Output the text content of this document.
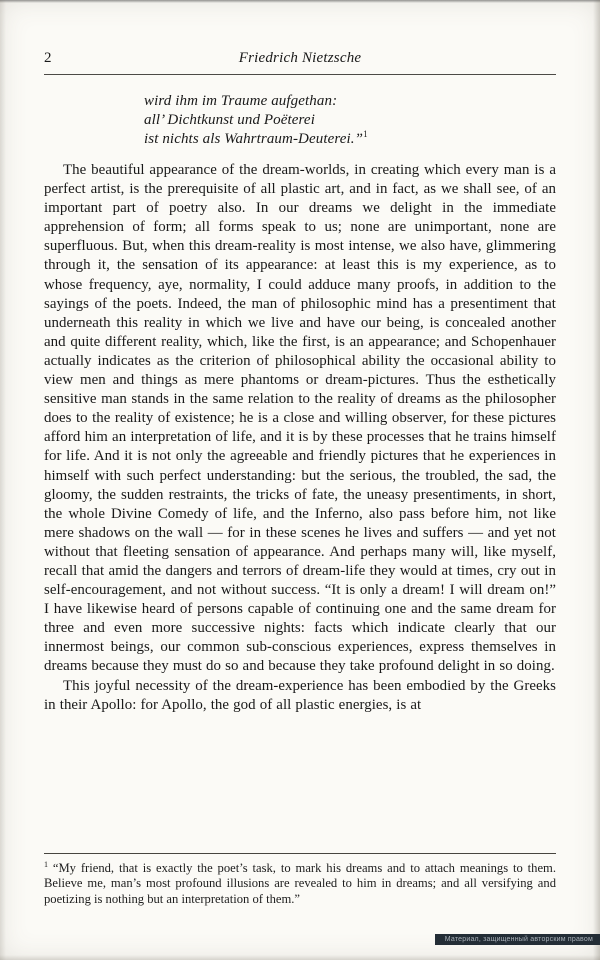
2	Friedrich Nietzsche
wird ihm im Traume aufgethan:
all’ Dichtkunst und Poëterei
ist nichts als Wahrtraum-Deuterei.”$^1$

The beautiful appearance of the dream-worlds, in creating which every man is a perfect artist, is the prerequisite of all plastic art, and in fact, as we shall see, of an important part of poetry also. In our dreams we delight in the immediate apprehension of form; all forms speak to us; none are unimportant, none are superfluous. But, when this dream-reality is most intense, we also have, glimmering through it, the sensation of its appearance: at least this is my experience, as to whose frequency, aye, normality, I could adduce many proofs, in addition to the sayings of the poets. Indeed, the man of philosophic mind has a presentiment that underneath this reality in which we live and have our being, is concealed another and quite different reality, which, like the first, is an appearance; and Schopenhauer actually indicates as the criterion of philosophical ability the occasional ability to view men and things as mere phantoms or dream-pictures. Thus the esthetically sensitive man stands in the same relation to the reality of dreams as the philosopher does to the reality of existence; he is a close and willing observer, for these pictures afford him an interpretation of life, and it is by these processes that he trains himself for life. And it is not only the agreeable and friendly pictures that he experiences in himself with such perfect understanding: but the serious, the troubled, the sad, the gloomy, the sudden restraints, the tricks of fate, the uneasy presentiments, in short, the whole Divine Comedy of life, and the Inferno, also pass before him, not like mere shadows on the wall — for in these scenes he lives and suffers — and yet not without that fleeting sensation of appearance. And perhaps many will, like myself, recall that amid the dangers and terrors of dream-life they would at times, cry out in self-encouragement, and not without success. “It is only a dream! I will dream on!” I have likewise heard of persons capable of continuing one and the same dream for three and even more successive nights: facts which indicate clearly that our innermost beings, our common sub-conscious experiences, express themselves in dreams because they must do so and because they take profound delight in so doing.

This joyful necessity of the dream-experience has been embodied by the Greeks in their Apollo: for Apollo, the god of all plastic energies, is at

$^1$ “My friend, that is exactly the poet’s task, to mark his dreams and to attach meanings to them. Believe me, man’s most profound illusions are revealed to him in dreams; and all versifying and poetizing is nothing but an interpretation of them.”
Материал, защищенный авторским правом
